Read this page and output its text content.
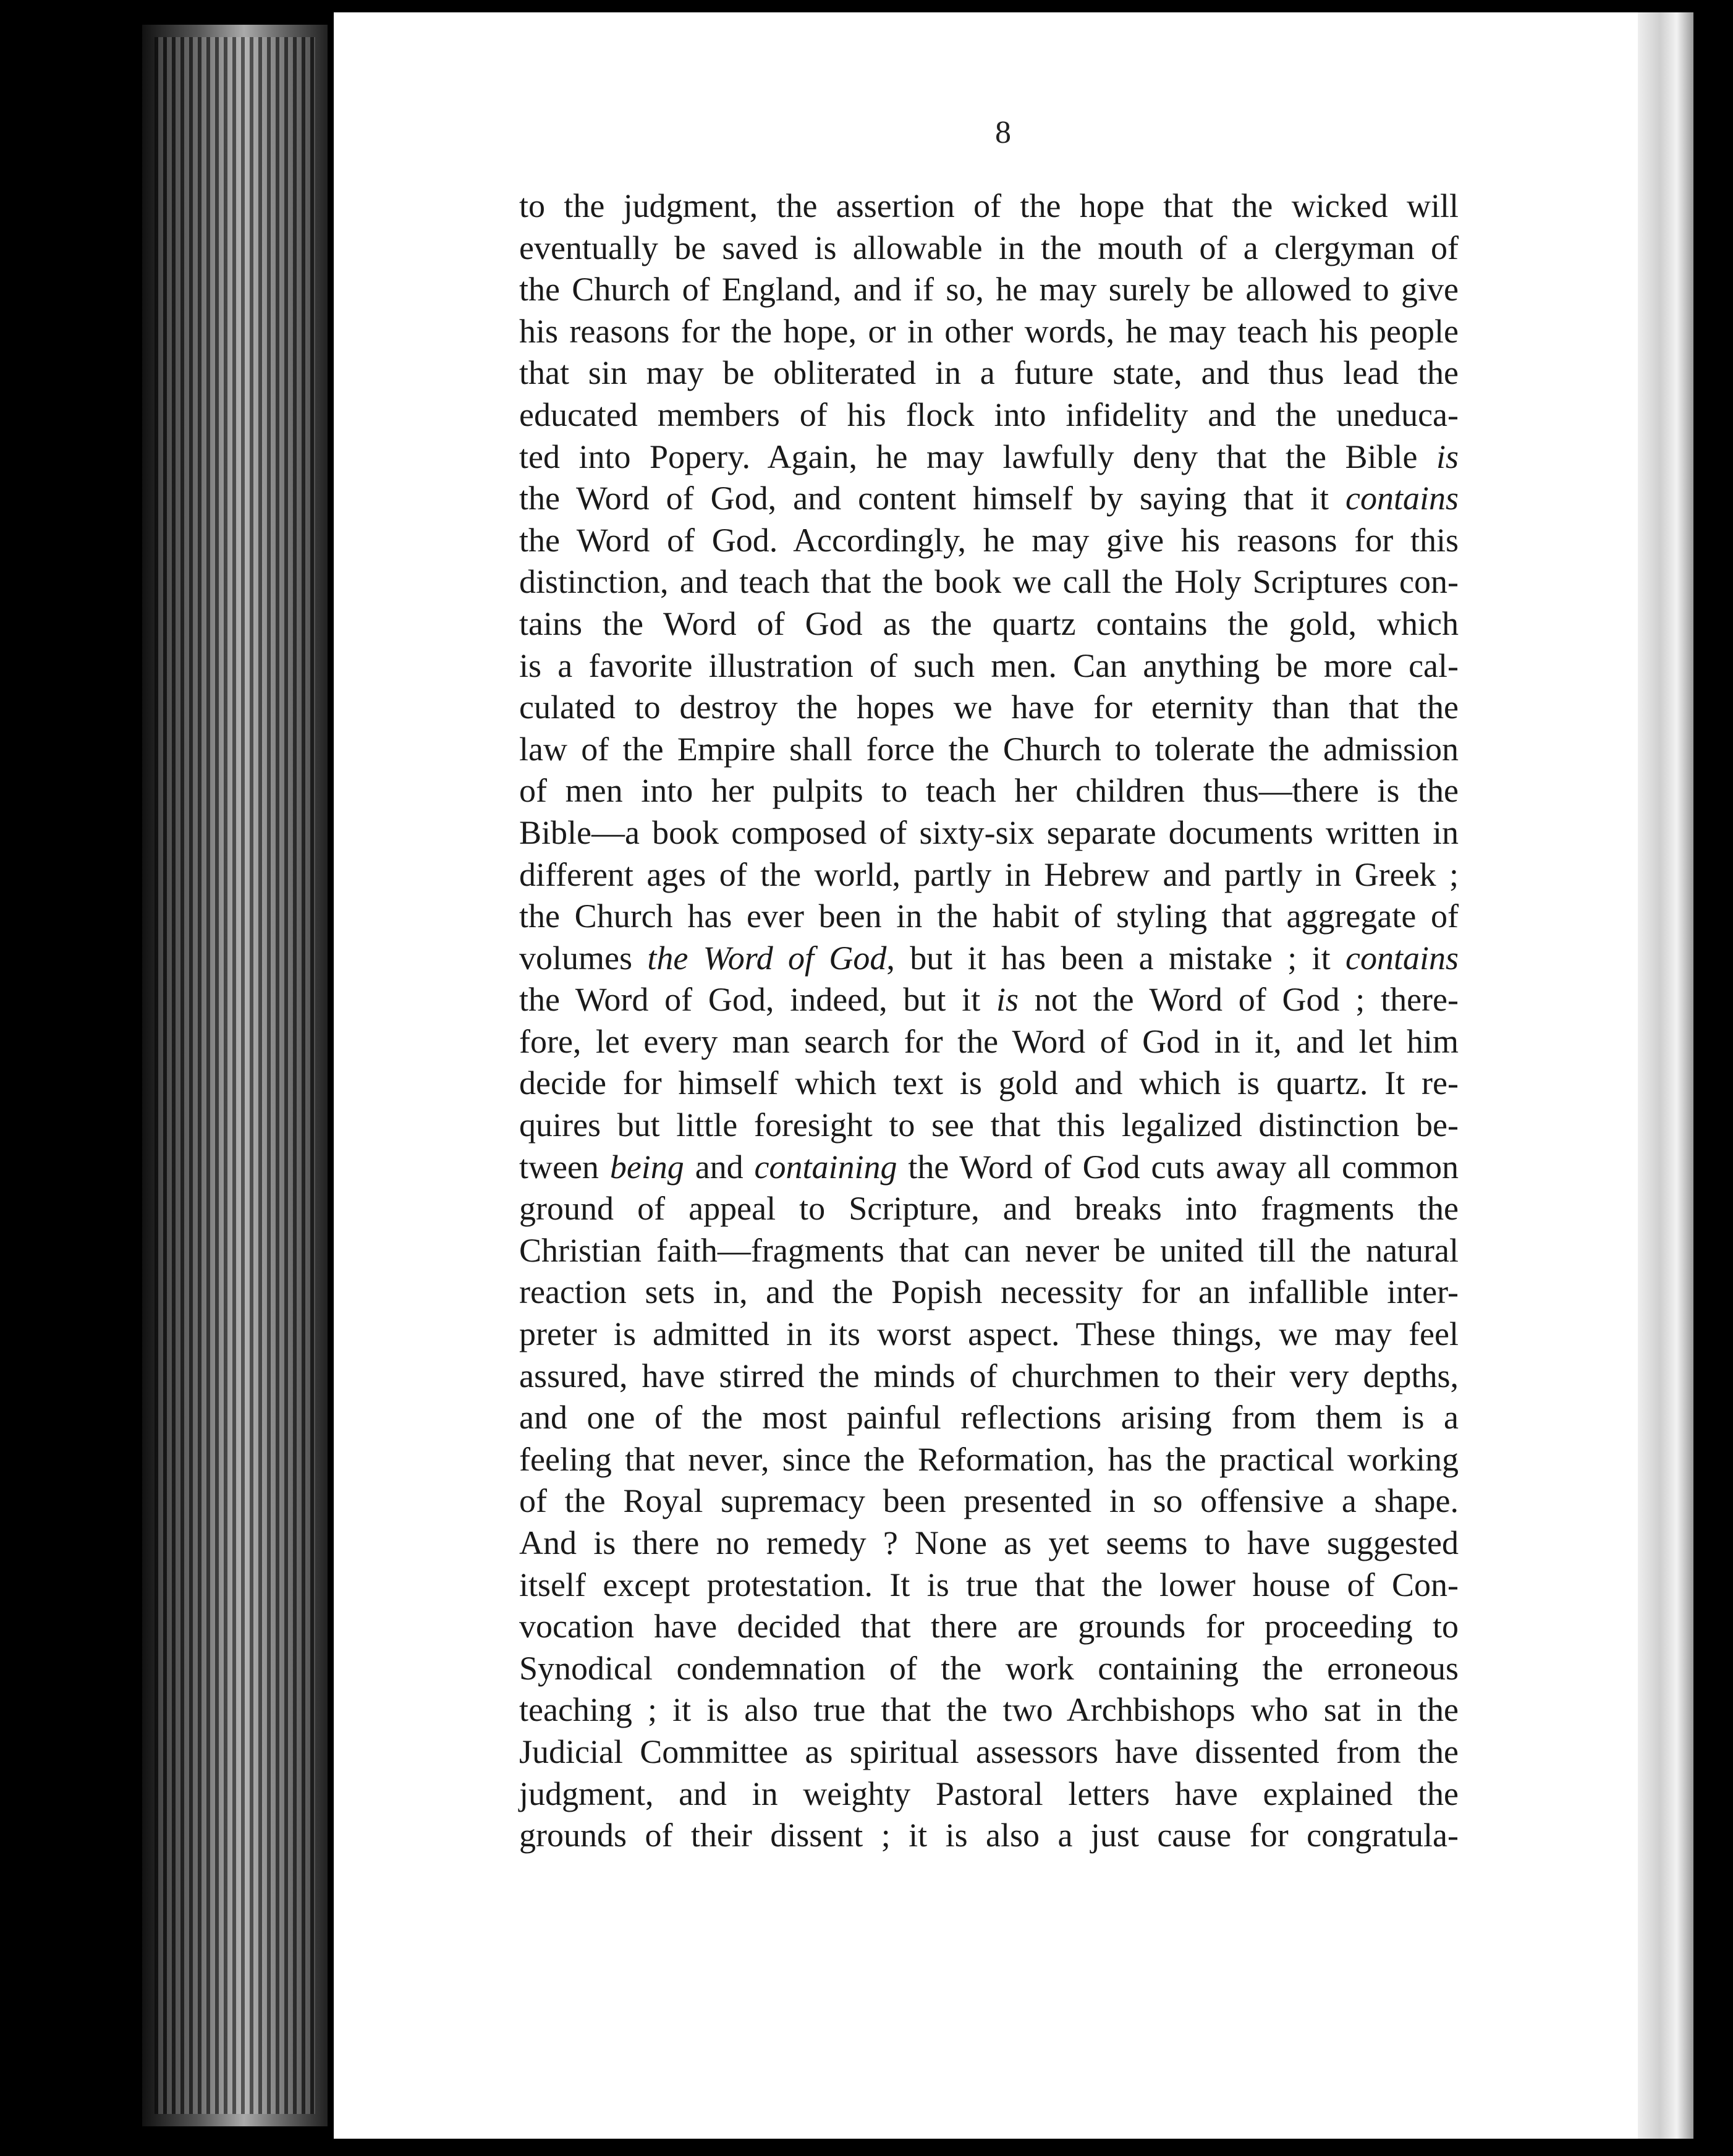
8
to the judgment, the assertion of the hope that the wicked will
eventually be saved is allowable in the mouth of a clergyman of
the Church of England, and if so, he may surely be allowed to give
his reasons for the hope, or in other words, he may teach his people
that sin may be obliterated in a future state, and thus lead the
educated members of his flock into infidelity and the uneduca-
ted into Popery. Again, he may lawfully deny that the Bible is
the Word of God, and content himself by saying that it contains
the Word of God. Accordingly, he may give his reasons for this
distinction, and teach that the book we call the Holy Scriptures con-
tains the Word of God as the quartz contains the gold, which
is a favorite illustration of such men. Can anything be more cal-
culated to destroy the hopes we have for eternity than that the
law of the Empire shall force the Church to tolerate the admission
of men into her pulpits to teach her children thus—there is the
Bible—a book composed of sixty-six separate documents written in
different ages of the world, partly in Hebrew and partly in Greek ;
the Church has ever been in the habit of styling that aggregate of
volumes the Word of God, but it has been a mistake ; it contains
the Word of God, indeed, but it is not the Word of God ; there-
fore, let every man search for the Word of God in it, and let him
decide for himself which text is gold and which is quartz. It re-
quires but little foresight to see that this legalized distinction be-
tween being and containing the Word of God cuts away all common
ground of appeal to Scripture, and breaks into fragments the
Christian faith—fragments that can never be united till the natural
reaction sets in, and the Popish necessity for an infallible inter-
preter is admitted in its worst aspect. These things, we may feel
assured, have stirred the minds of churchmen to their very depths,
and one of the most painful reflections arising from them is a
feeling that never, since the Reformation, has the practical working
of the Royal supremacy been presented in so offensive a shape.
And is there no remedy ? None as yet seems to have suggested
itself except protestation. It is true that the lower house of Con-
vocation have decided that there are grounds for proceeding to
Synodical condemnation of the work containing the erroneous
teaching ; it is also true that the two Archbishops who sat in the
Judicial Committee as spiritual assessors have dissented from the
judgment, and in weighty Pastoral letters have explained the
grounds of their dissent ; it is also a just cause for congratula-
